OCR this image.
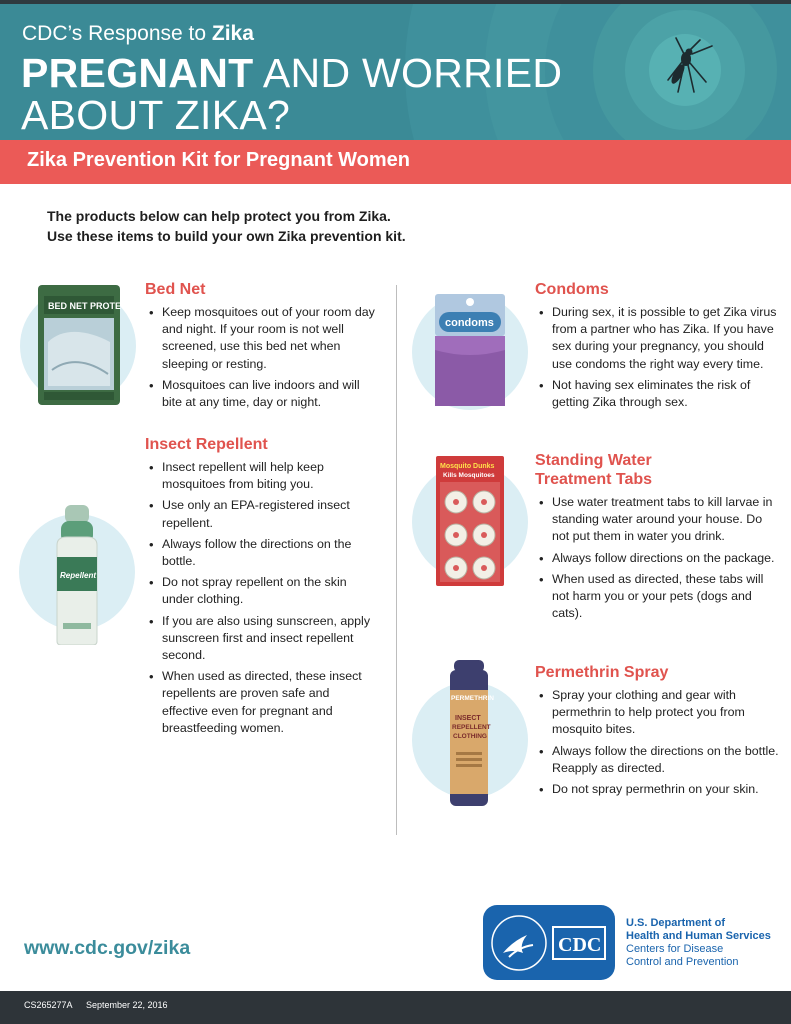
CDC’s Response to Zika
PREGNANT AND WORRIED
ABOUT ZIKA?
Zika Prevention Kit for Pregnant Women
The products below can help protect you from Zika.
Use these items to build your own Zika prevention kit.
BED NET PROTECT
Repellent
condoms
Mosquito Dunks
Kills Mosquitoes
PERMETHRIN
INSECT
REPELLENT
CLOTHING
Bed Net
• Keep mosquitoes out of your room day and night. If your room is not well screened, use this bed net when sleeping or resting.
• Mosquitoes can live indoors and will bite at any time, day or night.
Insect Repellent
• Insect repellent will help keep mosquitoes from biting you.
• Use only an EPA-registered insect repellent.
• Always follow the directions on the bottle.
• Do not spray repellent on the skin under clothing.
• If you are also using sunscreen, apply sunscreen first and insect repellent second.
• When used as directed, these insect repellents are proven safe and effective even for pregnant and breastfeeding women.
Condoms
• During sex, it is possible to get Zika virus from a partner who has Zika. If you have sex during your pregnancy, you should use condoms the right way every time.
• Not having sex eliminates the risk of getting Zika through sex.
Standing Water
Treatment Tabs
• Use water treatment tabs to kill larvae in standing water around your house. Do not put them in water you drink.
• Always follow directions on the package.
• When used as directed, these tabs will not harm you or your pets (dogs and cats).
Permethrin Spray
• Spray your clothing and gear with permethrin to help protect you from mosquito bites.
• Always follow the directions on the bottle. Reapply as directed.
• Do not spray permethrin on your skin.
www.cdc.gov/zika	CDC
U.S. Department of
Health and Human Services
Centers for Disease
Control and Prevention
CS265277A September 22, 2016
